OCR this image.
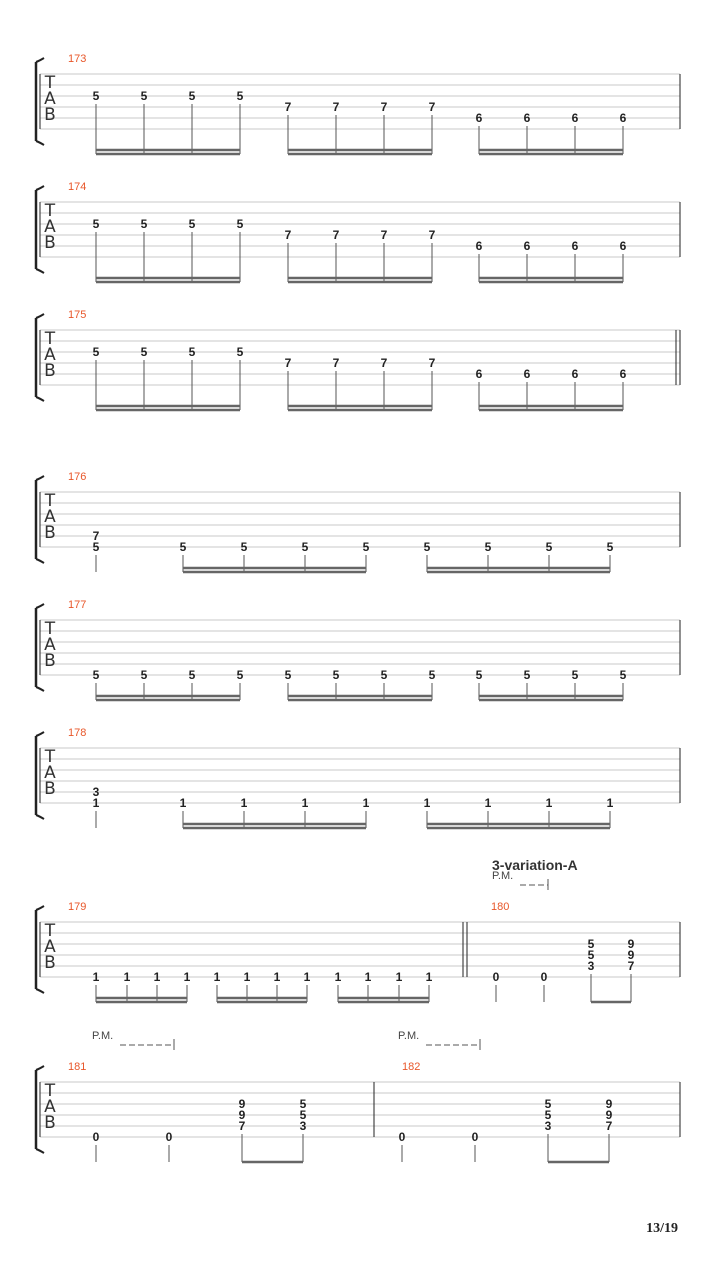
T
A
B
173
5	5	5	5
7	7	7	7
6	6	6	6
T
A
B
174
5	5	5	5
7	7	7	7
6	6	6	6
T
A
B
175
5	5	5	5
7	7	7	7
6	6	6	6
T
A
B
176
7
5	5	5	5	5	5	5	5	5
T
A
B
177
5	5	5	5	5	5	5	5	5	5	5	5
T
A
B
178
3
1	1	1	1	1	1	1	1	1
T
A
B
3-variation-A
179
1 1 1 1 1 1 1 1 1 1 1 1
180
P.M.
0	0
5
5
3
9
9
7
T
A
B
181
P.M.
0	0
9
9
7
5
5
3
182
P.M.
0	0
5
5
3
9
9
7
13/19
